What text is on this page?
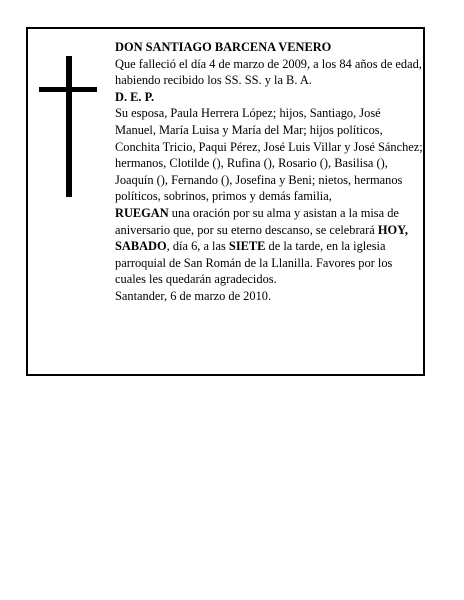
DON SANTIAGO BARCENA VENERO

Que falleció el día 4 de marzo de 2009, a los 84 años de edad, habiendo recibido los SS. SS. y la B. A.

D. E. P.

Su esposa, Paula Herrera López; hijos, Santiago, José Manuel, María Luisa y María del Mar; hijos políticos, Conchita Tricio, Paqui Pérez, José Luis Villar y José Sánchez; hermanos, Clotilde (), Rufina (), Rosario (), Basilisa (), Joaquín (), Fernando (), Josefina y Beni; nietos, hermanos políticos, sobrinos, primos y demás familia,

RUEGAN una oración por su alma y asistan a la misa de aniversario que, por su eterno descanso, se celebrará HOY, SABADO, día 6, a las SIETE de la tarde, en la iglesia parroquial de San Román de la Llanilla. Favores por los cuales les quedarán agradecidos.

Santander, 6 de marzo de 2010.
